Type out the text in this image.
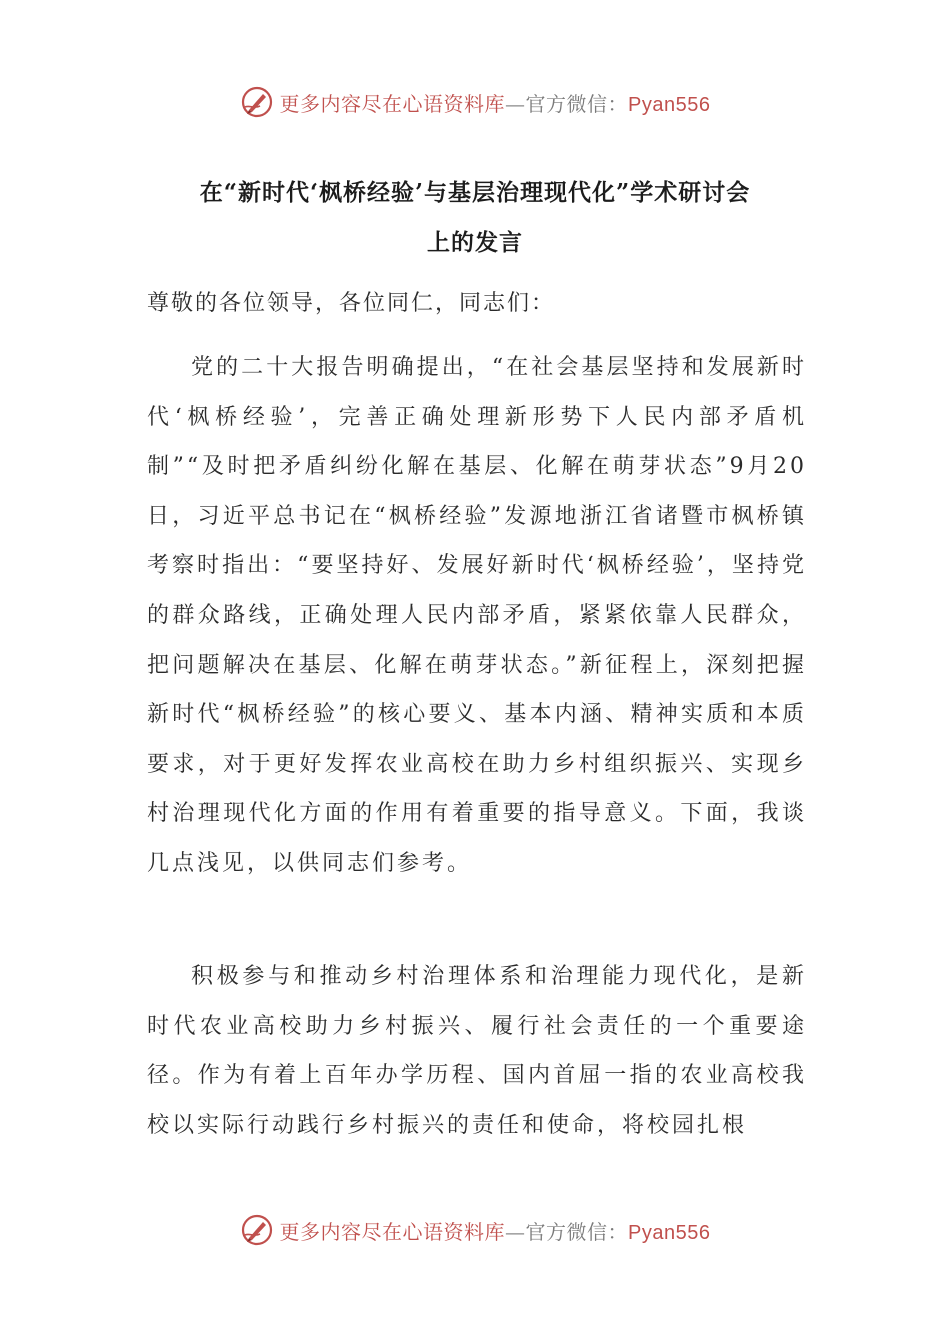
更多内容尽在心语资料库—官方微信：Pyan556
在“新时代‘枫桥经验’与基层治理现代化”学术研讨会
上的发言
尊敬的各位领导，各位同仁，同志们：
党的二十大报告明确提出，“在社会基层坚持和发展新时代‘枫桥经验’，完善正确处理新形势下人民内部矛盾机制”“及时把矛盾纠纷化解在基层、化解在萌芽状态”9月20日，习近平总书记在“枫桥经验”发源地浙江省诸暨市枫桥镇考察时指出：“要坚持好、发展好新时代‘枫桥经验’，坚持党的群众路线，正确处理人民内部矛盾，紧紧依靠人民群众，把问题解决在基层、化解在萌芽状态。”新征程上，深刻把握新时代“枫桥经验”的核心要义、基本内涵、精神实质和本质要求，对于更好发挥农业高校在助力乡村组织振兴、实现乡村治理现代化方面的作用有着重要的指导意义。下面，我谈几点浅见，以供同志们参考。
积极参与和推动乡村治理体系和治理能力现代化，是新时代农业高校助力乡村振兴、履行社会责任的一个重要途径。作为有着上百年办学历程、国内首屈一指的农业高校我校以实际行动践行乡村振兴的责任和使命，将校园扎根
更多内容尽在心语资料库—官方微信：Pyan556
